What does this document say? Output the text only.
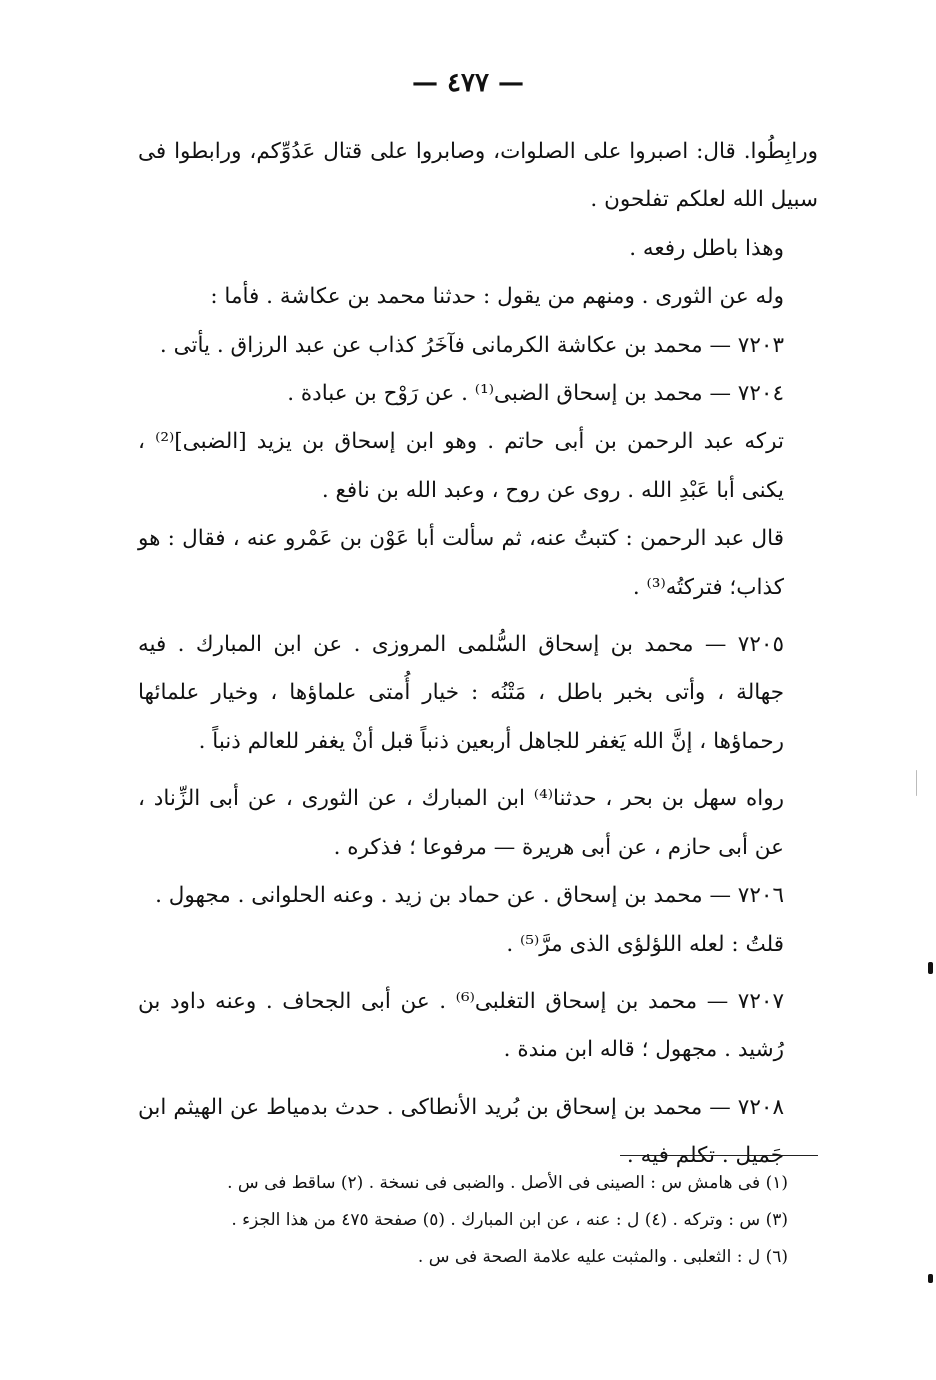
— ٤٧٧ —

ورابِطُوا. قال: اصبروا على الصلوات، وصابروا على قتال عَدُوِّكم، ورابطوا فى سبيل الله لعلكم تفلحون .

وهذا باطل رفعه .

وله عن الثورى . ومنهم من يقول : حدثنا محمد بن عكاشة . فأما :

٧٢٠٣ — محمد بن عكاشة الكرمانى فآخَرُ كذاب عن عبد الرزاق . يأتى .

٧٢٠٤ — محمد بن إسحاق الضبى⁽¹⁾ . عن رَوْح بن عبادة .

تركه عبد الرحمن بن أبى حاتم . وهو ابن إسحاق بن يزيد [الضبى]⁽²⁾ ، يكنى أبا عَبْدِ الله . روى عن روح ، وعبد الله بن نافع .

قال عبد الرحمن : كتبتُ عنه، ثم سألت أبا عَوْن بن عَمْرو عنه ، فقال : هو كذاب؛ فتركتُه⁽³⁾ .

٧٢٠٥ — محمد بن إسحاق السُّلمى المروزى . عن ابن المبارك . فيه جهالة ، وأتى بخبر باطل ، مَتْنُه : خيار أُمتى علماؤها ، وخيار علمائها رحماؤها ، إنَّ الله يَغفر للجاهل أربعين ذنباً قبل أنْ يغفر للعالم ذنباً .

رواه سهل بن بحر ، حدثنا⁽⁴⁾ ابن المبارك ، عن الثورى ، عن أبى الزِّناد ، عن أبى حازم ، عن أبى هريرة — مرفوعا ؛ فذكره .

٧٢٠٦ — محمد بن إسحاق . عن حماد بن زيد . وعنه الحلوانى . مجهول .

قلتُ : لعله اللؤلؤى الذى مرَّ⁽⁵⁾ .

٧٢٠٧ — محمد بن إسحاق التغلبى⁽⁶⁾ . عن أبى الجحاف . وعنه داود بن رُشيد . مجهول ؛ قاله ابن مندة .

٧٢٠٨ — محمد بن إسحاق بن بُريد الأنطاكى . حدث بدمياط عن الهيثم ابن جَميل . تكلم فيه .

(١) فى هامش س : الصينى فى الأصل . والضبى فى نسخة . (٢) ساقط فى س .
(٣) س : وتركه . (٤) ل : عنه ، عن ابن المبارك . (٥) صفحة ٤٧٥ من هذا الجزء .
(٦) ل : الثعلبى . والمثبت عليه علامة الصحة فى س .
